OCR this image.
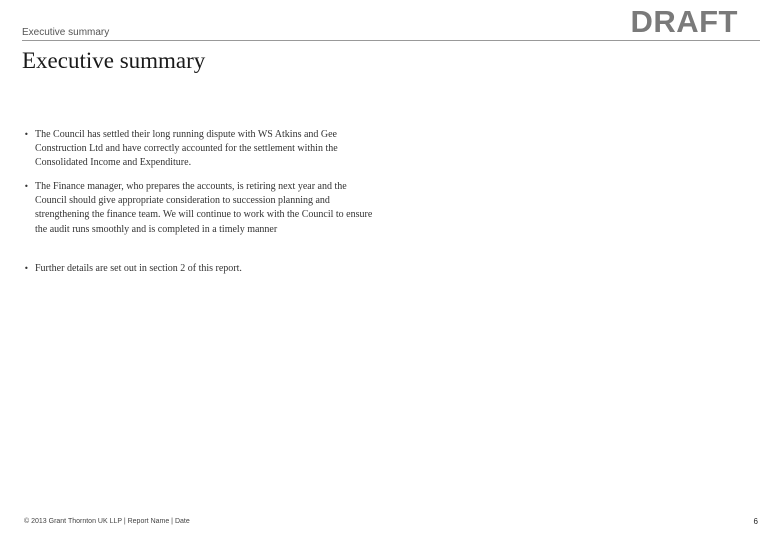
Executive summary	DRAFT
Executive summary
• The Council has settled their long running dispute with WS Atkins and Gee Construction Ltd and have correctly accounted for the settlement within the Consolidated Income and Expenditure.
• The Finance manager, who prepares the accounts, is retiring next year and the Council should give appropriate consideration to succession planning and strengthening the finance team. We will continue to work with the Council to ensure the audit runs smoothly and is completed in a timely manner
• Further details are set out in section 2 of this report.
© 2013 Grant Thornton UK LLP | Report Name | Date	6
